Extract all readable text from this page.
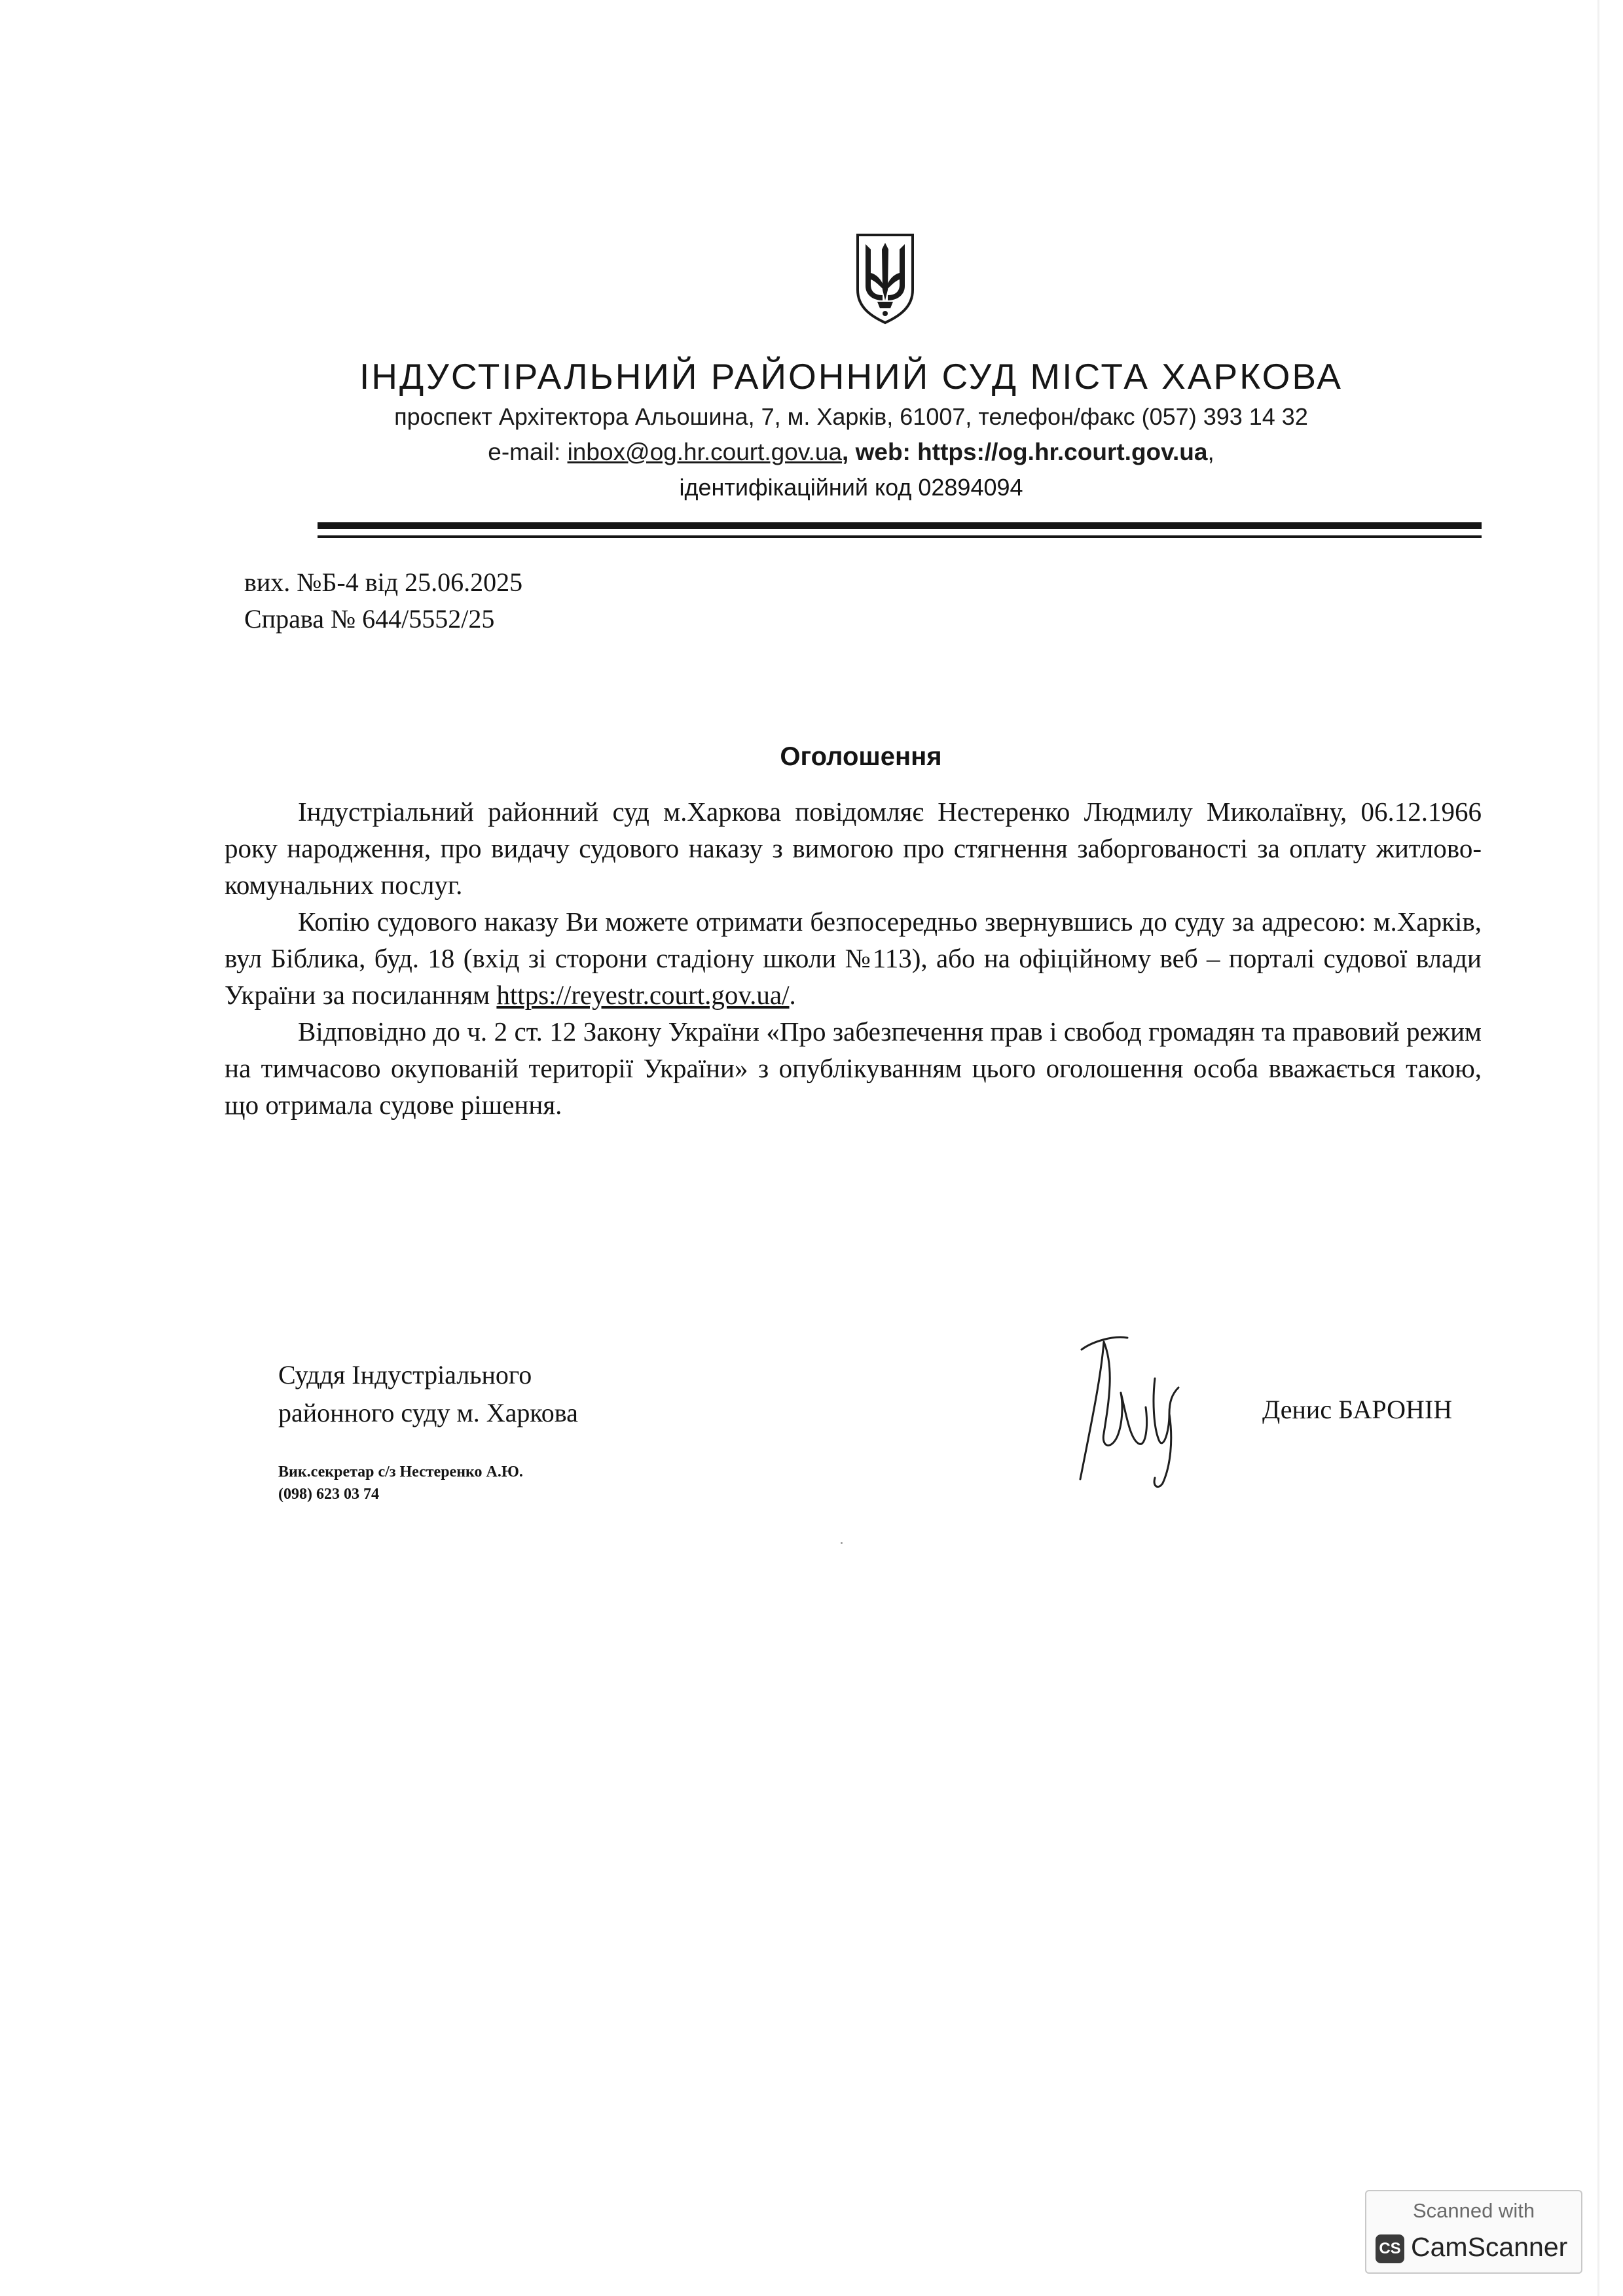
ІНДУСТІРАЛЬНИЙ РАЙОННИЙ СУД МІСТА ХАРКОВА
проспект Архітектора Альошина, 7, м. Харків, 61007, телефон/факс (057) 393 14 32
e-mail: inbox@og.hr.court.gov.ua, web: https://og.hr.court.gov.ua,
ідентифікаційний код 02894094
вих. №Б-4 від 25.06.2025
Справа № 644/5552/25
Оголошення

Індустріальний районний суд м.Харкова повідомляє Нестеренко Людмилу Миколаївну, 06.12.1966 року народження, про видачу судового наказу з вимогою про стягнення заборгованості за оплату житлово-комунальних послуг.

Копію судового наказу Ви можете отримати безпосередньо звернувшись до суду за адресою: м.Харків, вул Біблика, буд. 18 (вхід зі сторони стадіону школи №113), або на офіційному веб – порталі судової влади України за посиланням https://reyestr.court.gov.ua/.

Відповідно до ч. 2 ст. 12 Закону України «Про забезпечення прав і свобод громадян та правовий режим на тимчасово окупованій території України» з опублікуванням цього оголошення особа вважається такою, що отримала судове рішення.

Суддя Індустріального
районного суду м. Харкова	Денис БАРОНІН
Вик.секретар с/з Нестеренко А.Ю.
(098) 623 03 74
Scanned with
CS CamScanner
